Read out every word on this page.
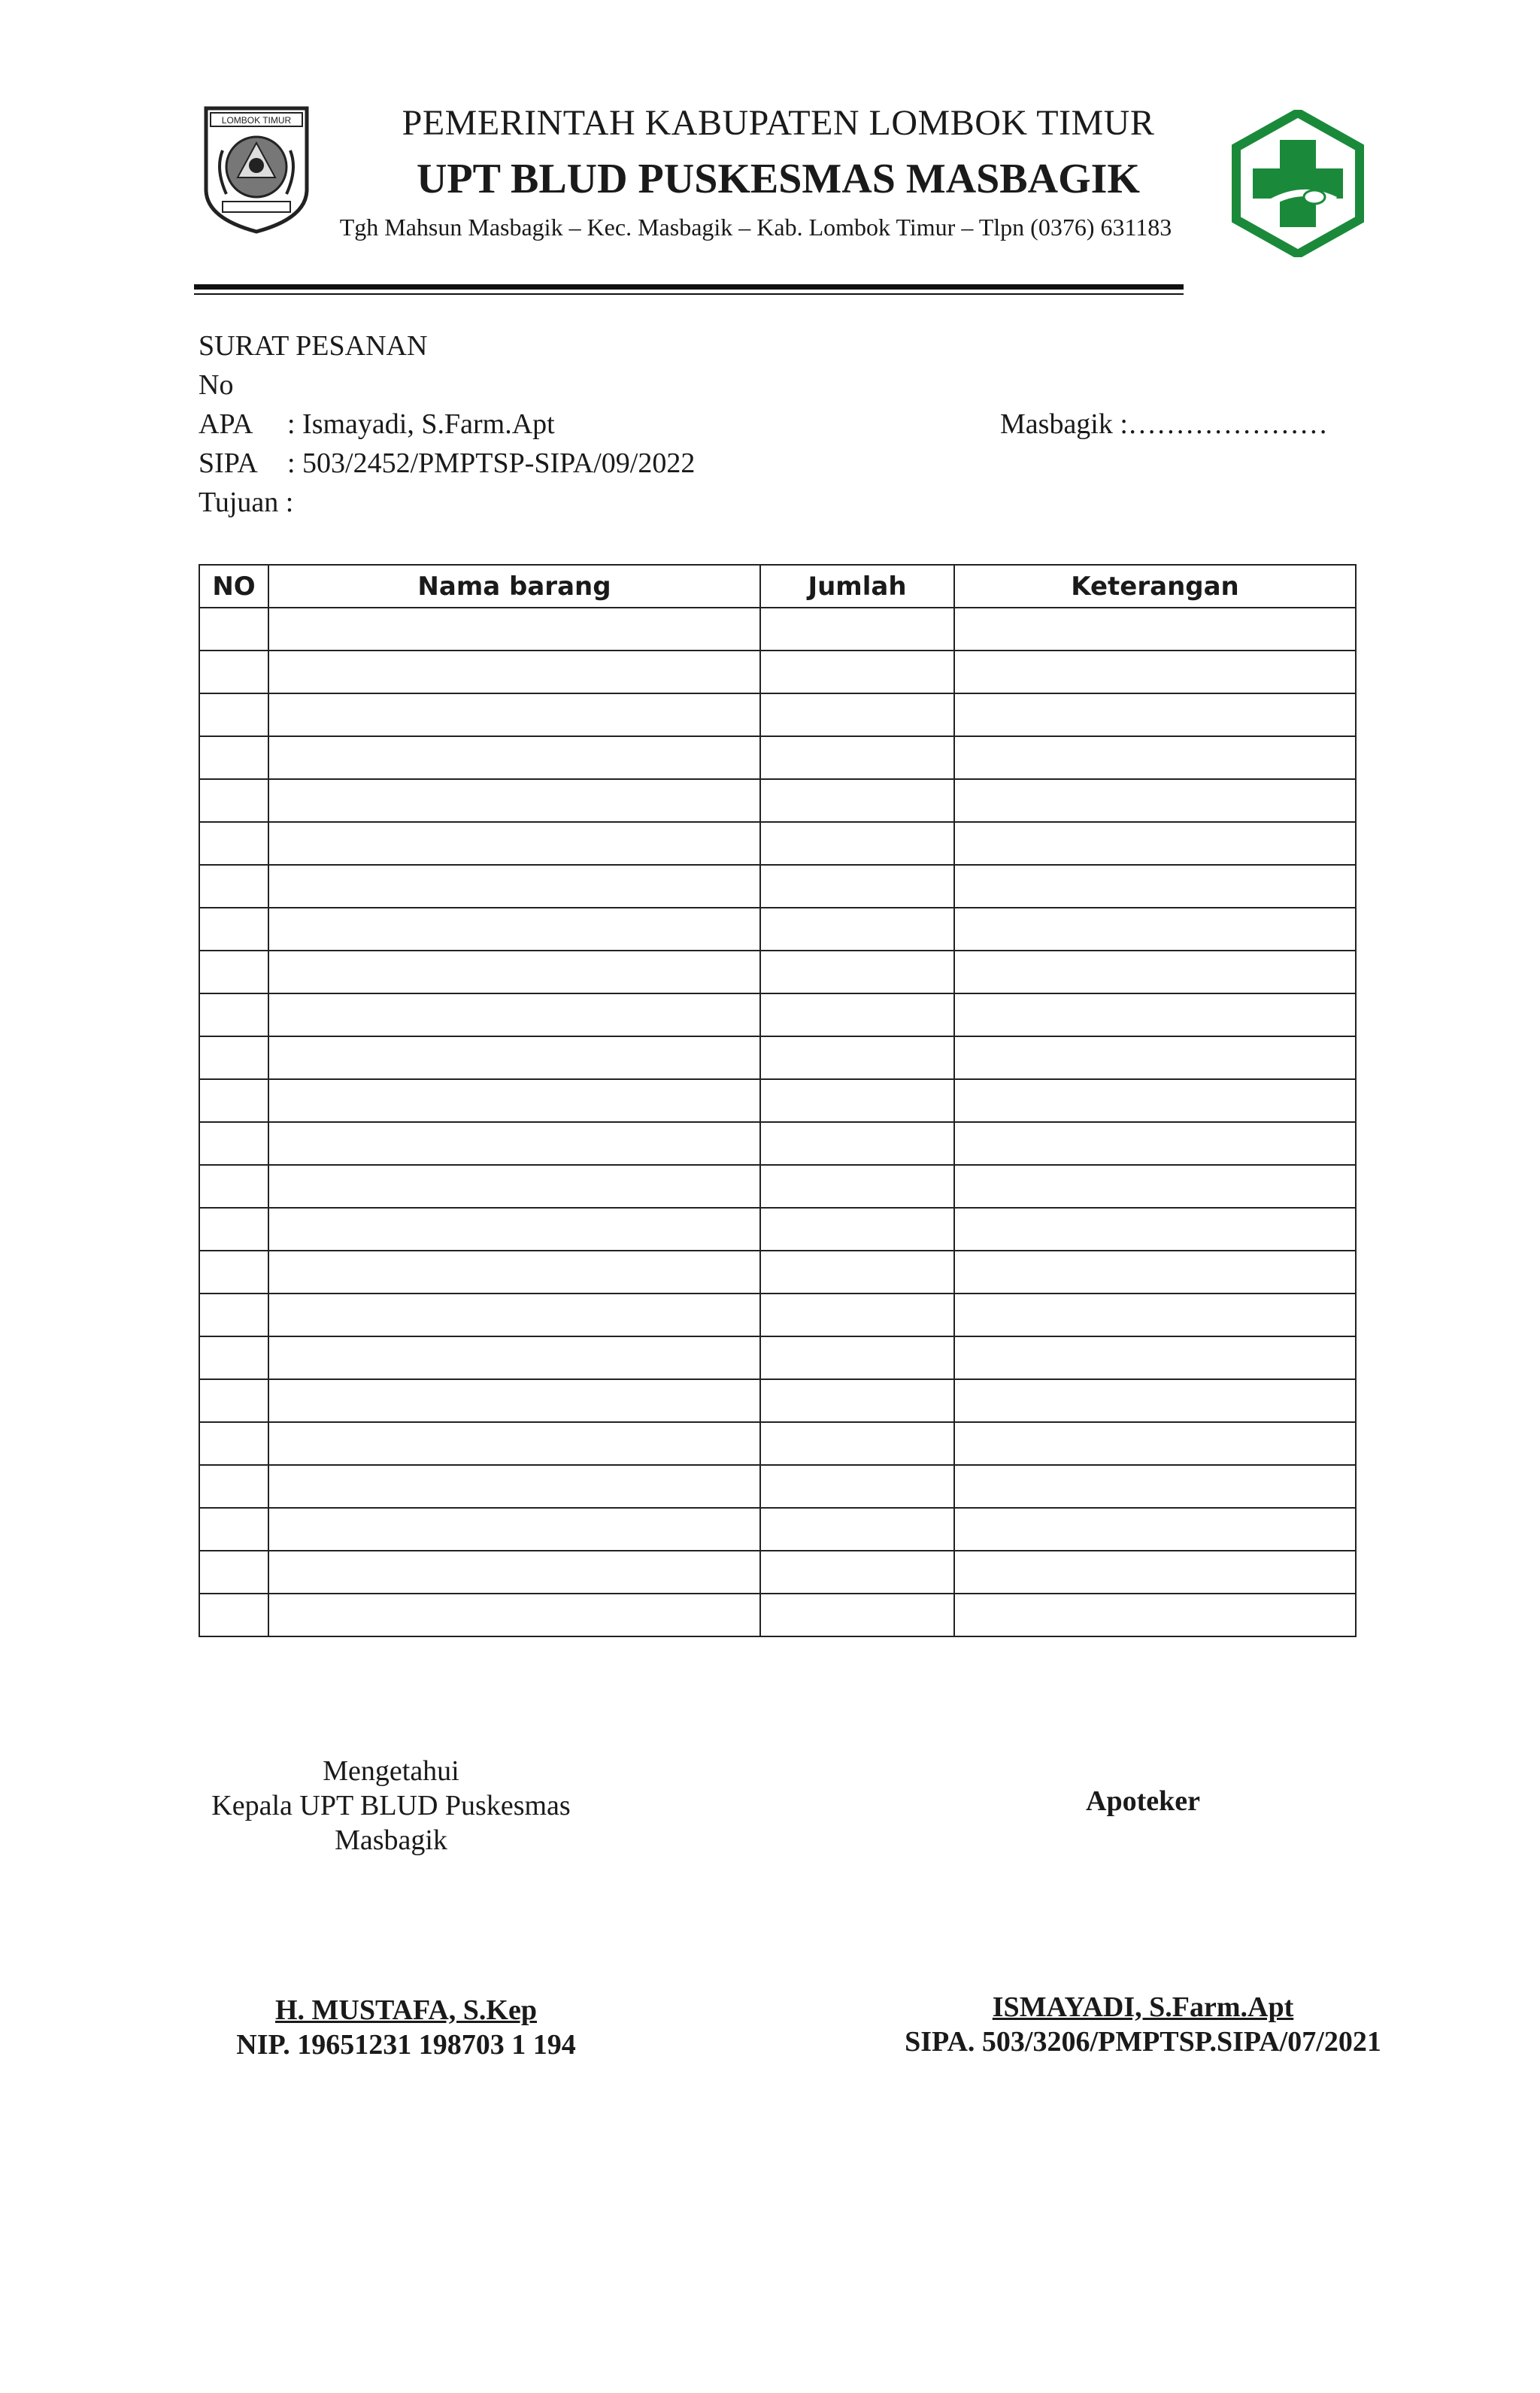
LOMBOK TIMUR	PEMERINTAH KABUPATEN LOMBOK TIMUR
UPT BLUD PUSKESMAS MASBAGIK
Tgh Mahsun Masbagik – Kec. Masbagik – Kab. Lombok Timur – Tlpn (0376) 631183
SURAT PESANAN
No
APA : Ismayadi, S.Farm.Apt
SIPA : 503/2452/PMPTSP-SIPA/09/2022
Tujuan :
Masbagik :…………………
NO	Nama barang	Jumlah	Keterangan

Mengetahui
Kepala UPT BLUD Puskesmas
Masbagik
Apoteker
H. MUSTAFA, S.Kep
NIP. 19651231 198703 1 194
ISMAYADI, S.Farm.Apt
SIPA. 503/3206/PMPTSP.SIPA/07/2021
